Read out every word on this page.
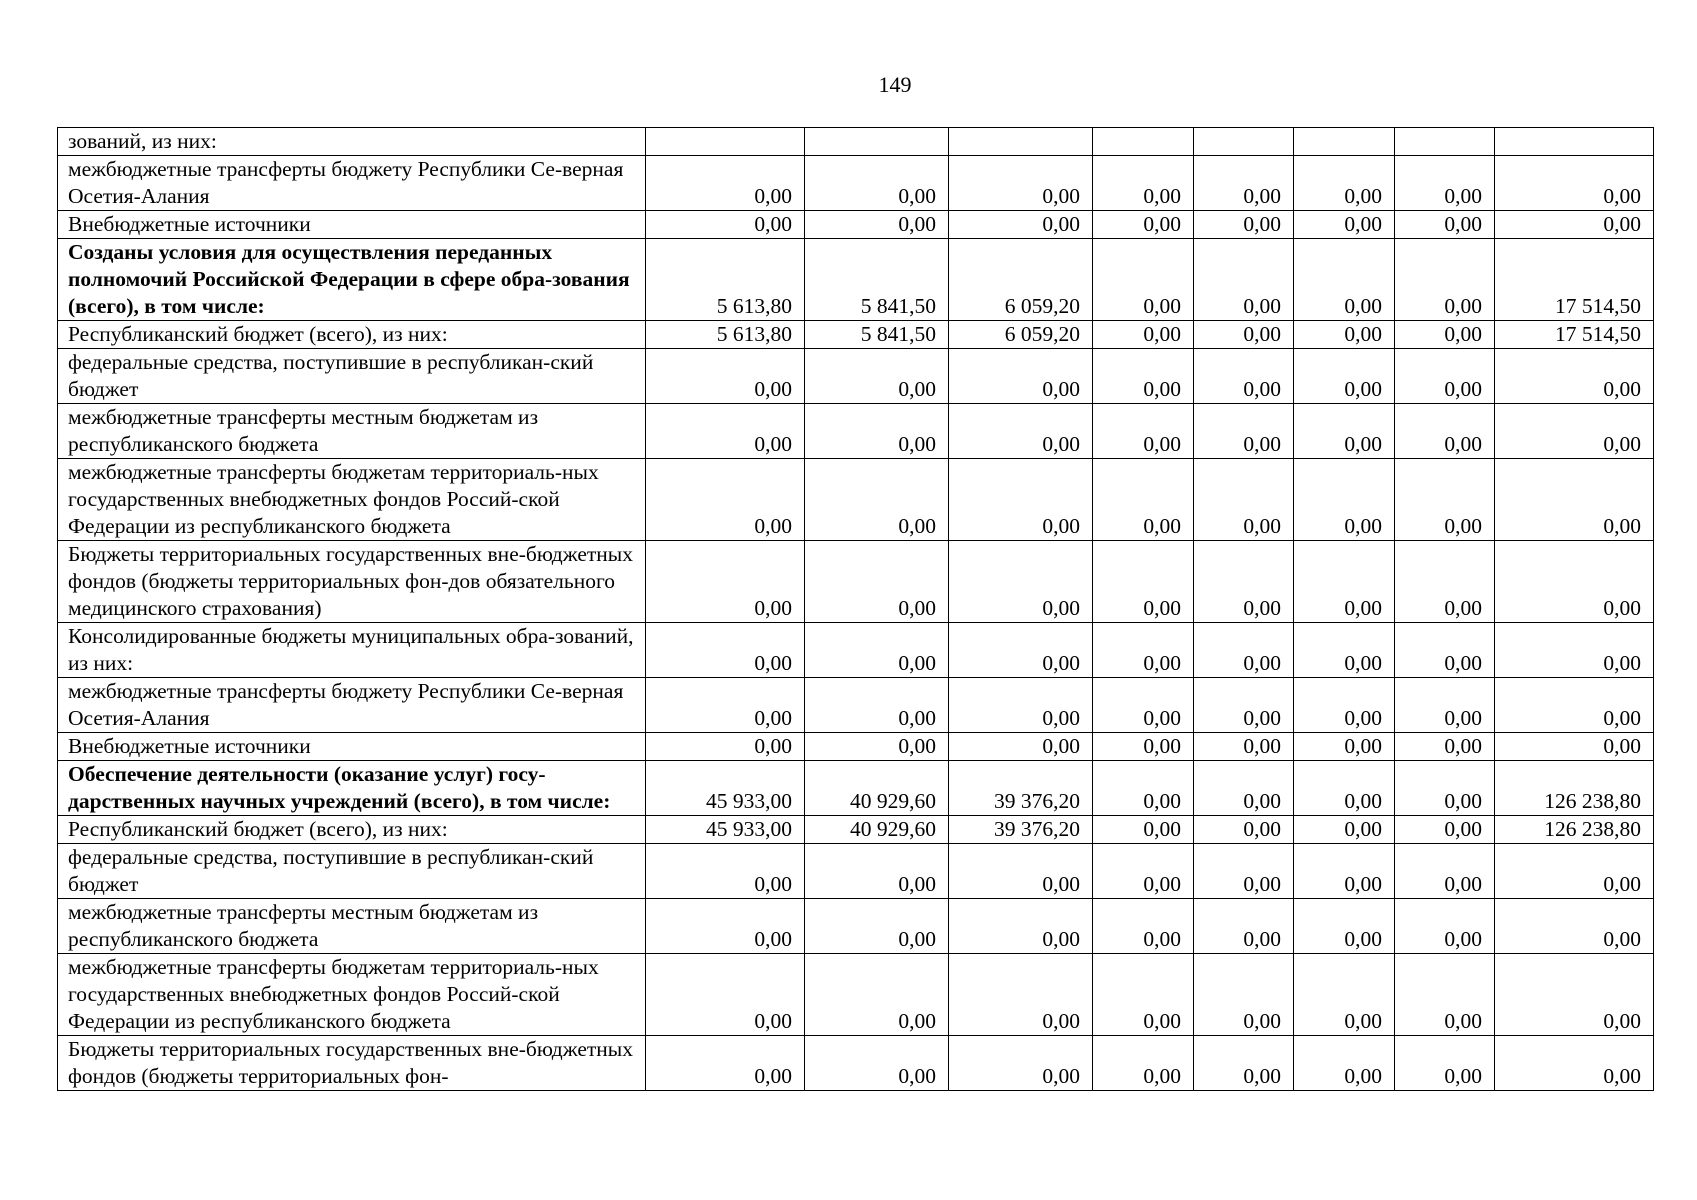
149
зований, из них:								
межбюджетные трансферты бюджету Республики Се-верная Осетия-Алания	0,00	0,00	0,00	0,00	0,00	0,00	0,00	0,00
Внебюджетные источники	0,00	0,00	0,00	0,00	0,00	0,00	0,00	0,00
Созданы условия для осуществления переданных полномочий Российской Федерации в сфере обра-зования (всего), в том числе:	5 613,80	5 841,50	6 059,20	0,00	0,00	0,00	0,00	17 514,50
Республиканский бюджет (всего), из них:	5 613,80	5 841,50	6 059,20	0,00	0,00	0,00	0,00	17 514,50
федеральные средства, поступившие в республикан-ский бюджет	0,00	0,00	0,00	0,00	0,00	0,00	0,00	0,00
межбюджетные трансферты местным бюджетам из республиканского бюджета	0,00	0,00	0,00	0,00	0,00	0,00	0,00	0,00
межбюджетные трансферты бюджетам территориаль-ных государственных внебюджетных фондов Россий-ской Федерации из республиканского бюджета	0,00	0,00	0,00	0,00	0,00	0,00	0,00	0,00
Бюджеты территориальных государственных вне-бюджетных фондов (бюджеты территориальных фон-дов обязательного медицинского страхования)	0,00	0,00	0,00	0,00	0,00	0,00	0,00	0,00
Консолидированные бюджеты муниципальных обра-зований, из них:	0,00	0,00	0,00	0,00	0,00	0,00	0,00	0,00
межбюджетные трансферты бюджету Республики Се-верная Осетия-Алания	0,00	0,00	0,00	0,00	0,00	0,00	0,00	0,00
Внебюджетные источники	0,00	0,00	0,00	0,00	0,00	0,00	0,00	0,00
Обеспечение деятельности (оказание услуг) госу-дарственных научных учреждений (всего), в том числе:	45 933,00	40 929,60	39 376,20	0,00	0,00	0,00	0,00	126 238,80
Республиканский бюджет (всего), из них:	45 933,00	40 929,60	39 376,20	0,00	0,00	0,00	0,00	126 238,80
федеральные средства, поступившие в республикан-ский бюджет	0,00	0,00	0,00	0,00	0,00	0,00	0,00	0,00
межбюджетные трансферты местным бюджетам из республиканского бюджета	0,00	0,00	0,00	0,00	0,00	0,00	0,00	0,00
межбюджетные трансферты бюджетам территориаль-ных государственных внебюджетных фондов Россий-ской Федерации из республиканского бюджета	0,00	0,00	0,00	0,00	0,00	0,00	0,00	0,00
Бюджеты территориальных государственных вне-бюджетных фондов (бюджеты территориальных фон-	0,00	0,00	0,00	0,00	0,00	0,00	0,00	0,00
